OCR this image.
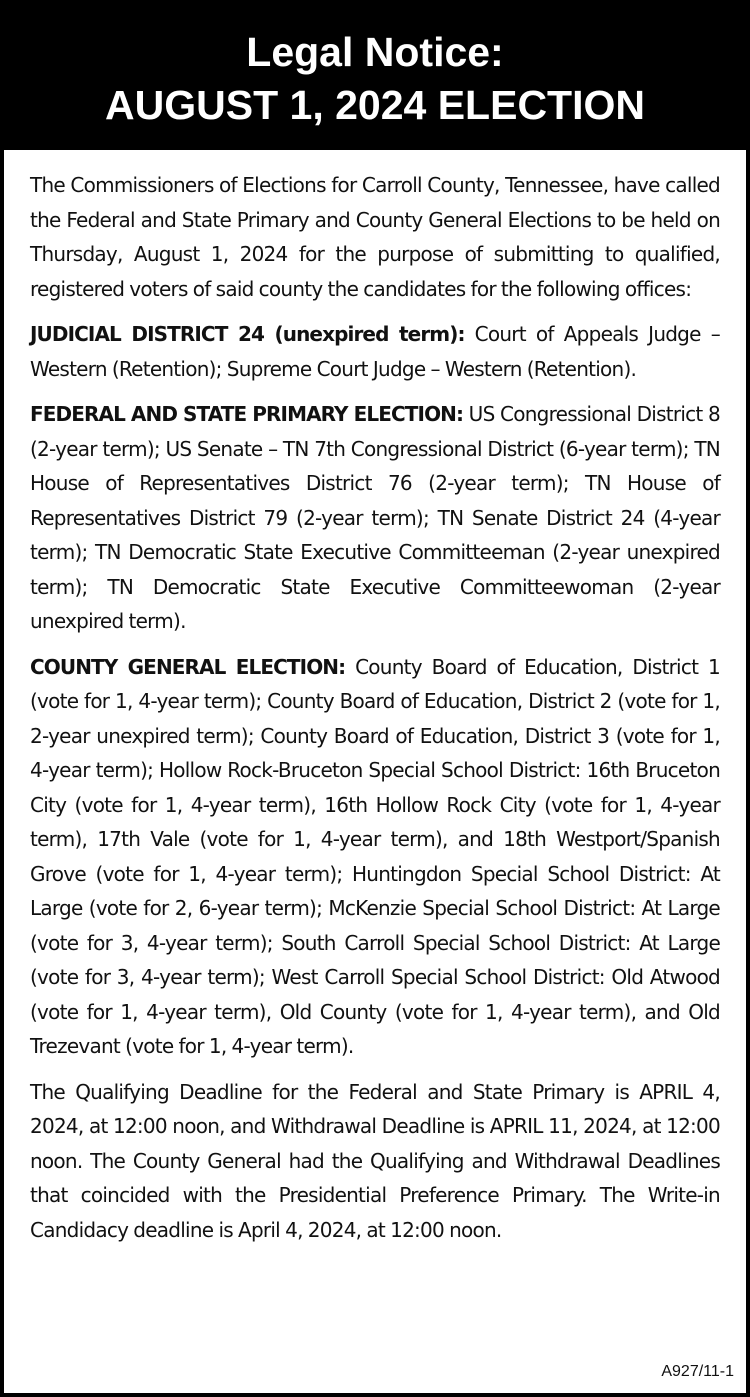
Legal Notice:
AUGUST 1, 2024 ELECTION

The Commissioners of Elections for Carroll County, Tennessee, have called the Federal and State Primary and County General Elections to be held on Thursday, August 1, 2024 for the purpose of submitting to qualified, registered voters of said county the candidates for the following offices:

JUDICIAL DISTRICT 24 (unexpired term): Court of Appeals Judge – Western (Retention); Supreme Court Judge – Western (Retention).

FEDERAL AND STATE PRIMARY ELECTION: US Congressional District 8 (2-year term); US Senate – TN 7th Congressional District (6-year term); TN House of Representatives District 76 (2-year term); TN House of Representatives District 79 (2-year term); TN Senate District 24 (4-year term); TN Democratic State Executive Committeeman (2-year unexpired term); TN Democratic State Executive Committeewoman (2-year unexpired term).

COUNTY GENERAL ELECTION: County Board of Education, District 1 (vote for 1, 4-year term); County Board of Education, District 2 (vote for 1, 2-year unexpired term); County Board of Education, District 3 (vote for 1, 4-year term); Hollow Rock-Bruceton Special School District: 16th Bruceton City (vote for 1, 4-year term), 16th Hollow Rock City (vote for 1, 4-year term), 17th Vale (vote for 1, 4-year term), and 18th Westport/Spanish Grove (vote for 1, 4-year term); Huntingdon Special School District: At Large (vote for 2, 6-year term); McKenzie Special School District: At Large (vote for 3, 4-year term); South Carroll Special School District: At Large (vote for 3, 4-year term); West Carroll Special School District: Old Atwood (vote for 1, 4-year term), Old County (vote for 1, 4-year term), and Old Trezevant (vote for 1, 4-year term).

The Qualifying Deadline for the Federal and State Primary is APRIL 4, 2024, at 12:00 noon, and Withdrawal Deadline is APRIL 11, 2024, at 12:00 noon. The County General had the Qualifying and Withdrawal Deadlines that coincided with the Presidential Preference Primary. The Write-in Candidacy deadline is April 4, 2024, at 12:00 noon.

A927/11-1
